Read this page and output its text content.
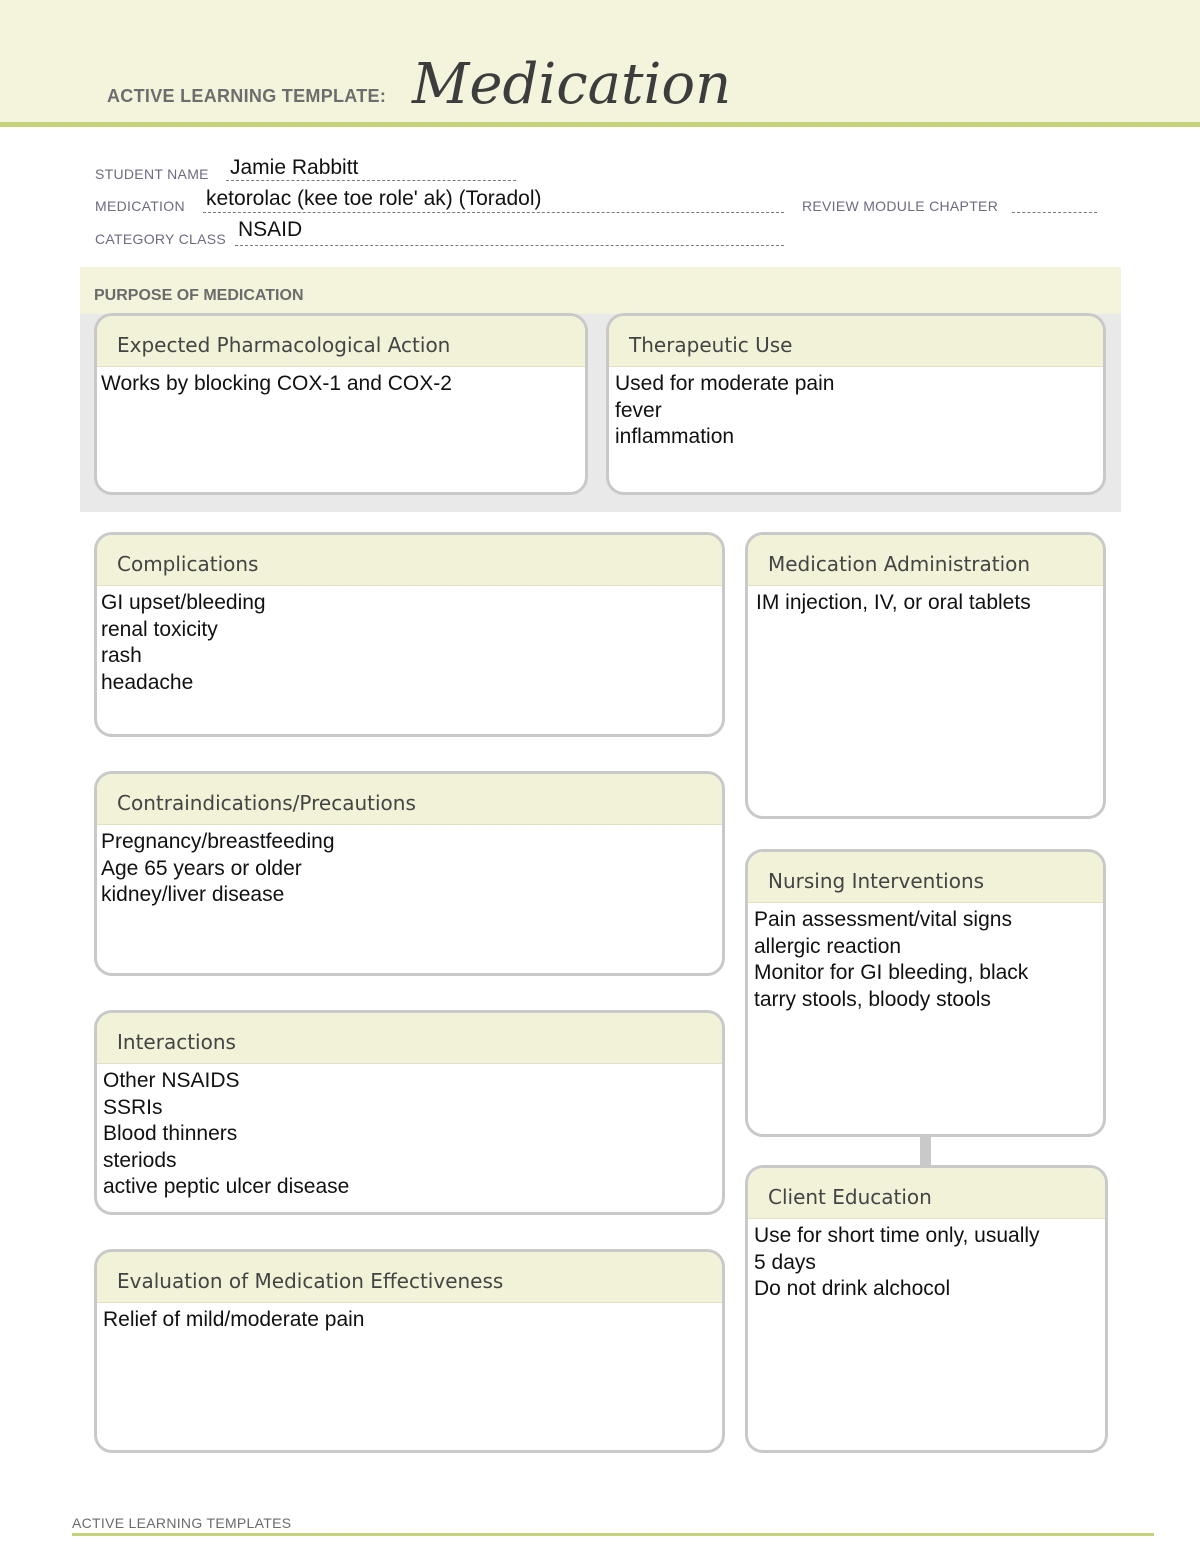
ACTIVE LEARNING TEMPLATE: Medication
STUDENT NAME Jamie Rabbitt
MEDICATION ketorolac (kee toe role' ak) (Toradol)	REVIEW MODULE CHAPTER
CATEGORY CLASS NSAID
PURPOSE OF MEDICATION
Expected Pharmacological Action
Works by blocking COX-1 and COX-2
Therapeutic Use
Used for moderate pain
fever
inflammation
Complications
GI upset/bleeding
renal toxicity
rash
headache
Contraindications/Precautions
Pregnancy/breastfeeding
Age 65 years or older
kidney/liver disease
Interactions
Other NSAIDS
SSRIs
Blood thinners
steriods
active peptic ulcer disease
Evaluation of Medication Effectiveness
Relief of mild/moderate pain
Medication Administration
IM injection, IV, or oral tablets
Nursing Interventions
Pain assessment/vital signs
allergic reaction
Monitor for GI bleeding, black
tarry stools, bloody stools
Client Education
Use for short time only, usually
5 days
Do not drink alchocol
ACTIVE LEARNING TEMPLATES
